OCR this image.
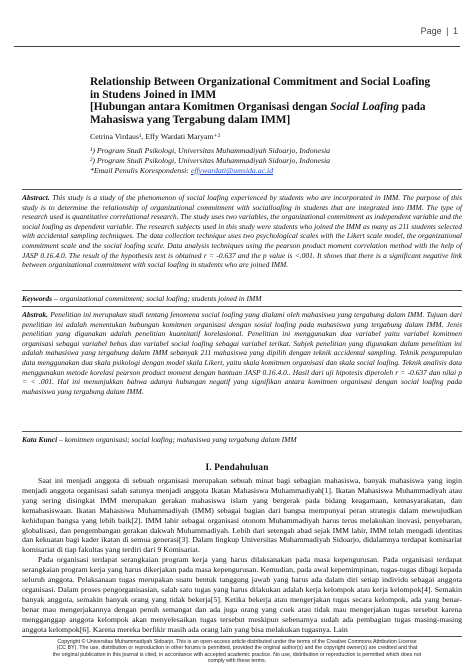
Page | 1
Relationship Between Organizational Commitment and Social Loafing
in Studens Joined in IMM
[Hubungan antara Komitmen Organisasi dengan Social Loafing pada
Mahasiswa yang Tergabung dalam IMM]
Cetrina Virdaus¹, Effy Wardati Maryam⁺²
¹) Program Studi Psikologi, Universitas Muhammadiyah Sidoarjo, Indonesia
²) Program Studi Psikologi, Universitas Muhammadiyah Sidoarjo, Indonesia
*Email Penulis Korespondensi: effywardati@umsida.ac.id

Abstract. This study is a study of the phenomenon of social loafing experienced by students who are incorporated in IMM. The purpose of this study is to determine the relationship of organizational commitment with socialloafing in students that are integrated into IMM. The type of research used is quantitative correlational research. The study uses two variables, the organizational commitment as independent variable and the social loafing as dependent variable. The research subjects used in this study were students who joined the IMM as many as 211 students selected with accidental sampling techniques. The data collection technique uses two psychological scales with the Likert scale model, the organizational commitment scale and the social loafing scale. Data analysis techniques using the pearson product moment correlation method with the help of JASP 0.16.4.0. The result of the hypothesis text is obtained r = -0.637 and the p value is <.001. It shows that there is a significant negative link between organizational commitment with social loafing in students who are joined IMM.

Keywords – organizational commitment; social loafing; students joined in IMM

Abstrak. Penelitian ini merupakan studi tentang fenomena social loafing yang dialami oleh mahasiswa yang tergabung dalam IMM. Tujuan dari penelitian ini adalah menentukan hubungan komitmen organisasi dengan sosial loafing pada mahasiswa yang tergabung dalam IMM. Jenis penelitian yang digunakan adalah penelitian kuantitatif korelasional. Penelitian ini menggunakan dua variabel yaitu variabel komitmen organisasi sebagai variabel bebas dan variabel social loafing sebagai variabel terikat. Subjek penelitian yang digunakan dalam penelitian ini adalah mahasiswa yang tergabung dalam IMM sebanyak 211 mahasiswa yang dipilih dengan teknik accidental sampling. Teknik pengumpulan data menggunakan dua skala psikologi dengan model skala Likert, yaitu skala komitmen organisasi dan skala social loafing. Teknik analisis data menggunakan metode korelasi pearson product moment dengan bantuan JASP 0.16.4.0.. Hasil dari uji hipotesis diperoleh r = -0.637 dan nilai p = < .001. Hal ini menunjukkan bahwa adanya hubungan negatif yang signifikan antara komitmen organisasi dengan social loafing pada mahasiswa yang tergabung dalam IMM.

Kata Kunci – komitmen organisasi; social loafing; mahasiswa yang tergabung dalam IMM

I. Pendahuluan

Saat ini menjadi anggota di sebuah organisasi merupakan sebuah minat bagi sebagian mahasiswa, banyak mahasiswa yang ingin menjadi anggota organisasi salah satunya menjadi anggota Ikatan Mahasiswa Muhammadiyah[1]. Ikatan Mahasiswa Muhammadiyah atau yang sering disingkat IMM merupakan gerakan mahasiswa islam yang bergerak pada bidang keagamaan, kemasyarakatan, dan kemahasiswaan. Ikatan Mahasiswa Muhammadiyah (IMM) sebagai bagian dari bangsa mempunyai peran strategis dalam mewujudkan kehidupan bangsa yang lebih baik[2]. IMM lahir sebagai organisasi otonom Muhammadiyah harus terus melakukan inovasi, penyebaran, globalisasi, dan pengembangan gerakan dakwah Muhammadiyah. Lebih dari setengah abad sejak IMM lahir, IMM telah mengadi identitas dan kekuatan bagi kader ikatan di semua generasi[3]. Dalam lingkup Universitas Muhammadiyah Sidoarjo, didalamnya terdapat komisariat komisariat di tiap fakultas yang terdiri dari 9 Komisariat.

Pada organisasi terdapat serangkaian program kerja yang harus dilaksanakan pada masa kepengurusan. Pada organisasi terdapat serangkaian program kerja yang harus dikerjakan pada masa kepengurusan. Kemudian, pada awal kepemimpinan, tugas-tugas dibagi kepada seluruh anggota. Pelaksanaan tugas merupakan suatu bentuk tanggung jawab yang harus ada dalam diri setiap individu sebagai anggota organisasi. Dalam proses pengorganisasian, salah satu tugas yang harus dilakukan adalah kerja kelompok atau kerja kelompok[4]. Semakin banyak anggota, semakin banyak orang yang tidak bekerja[5]. Ketika bekerja atau mengerjakan tugas secara kelompok, ada yang benar-benar mau mengerjakannya dengan penuh semangat dan ada juga orang yang cuek atau tidak mau mengerjakan tugas tersebut karena mengganggap anggota kelompok akan menyelesaikan tugas tersebut meskipun sebenarnya sudah ada pembagian tugas masing-masing anggota kelompok[6]. Karena mereka berfikir masih ada orang lain yang bisa melakukan tugasnya. Lain

Copyright © Universitas Muhammadiyah Sidoarjo. This is an open-access article distributed under the terms of the Creative Commons Attribution License
(CC BY). The use, distribution or reproduction in other forums is permitted, provided the original author(s) and the copyright owner(s) are credited and that
the original publication in this journal is cited, in accordance with accepted academic practice. No use, distribution or reproduction is permitted which does not
comply with these terms.
